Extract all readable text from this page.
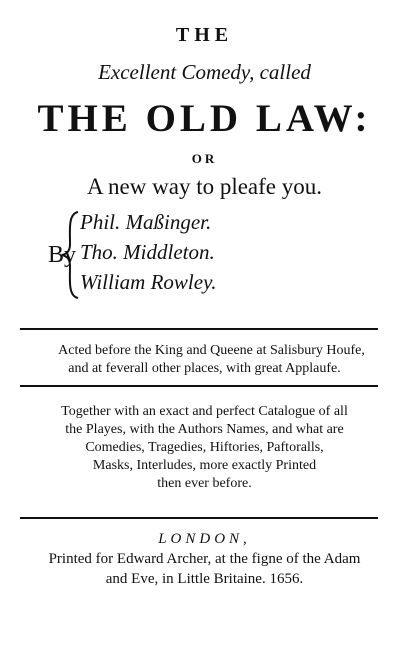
THE
Excellent Comedy, called
THE OLD LAW:
OR
A new way to pleafe you.
By
Phil. Maßinger.
Tho. Middleton.
William Rowley.
Acted before the King and Queene at Salisbury Houfe,
and at feverall other places, with great Applaufe.
Together with an exact and perfect Catalogue of all
the Playes, with the Authors Names, and what are
Comedies, Tragedies, Hiftories, Paftoralls,
Masks, Interludes, more exactly Printed
then ever before.
LONDON,
Printed for Edward Archer, at the figne of the Adam
and Eve, in Little Britaine. 1656.
